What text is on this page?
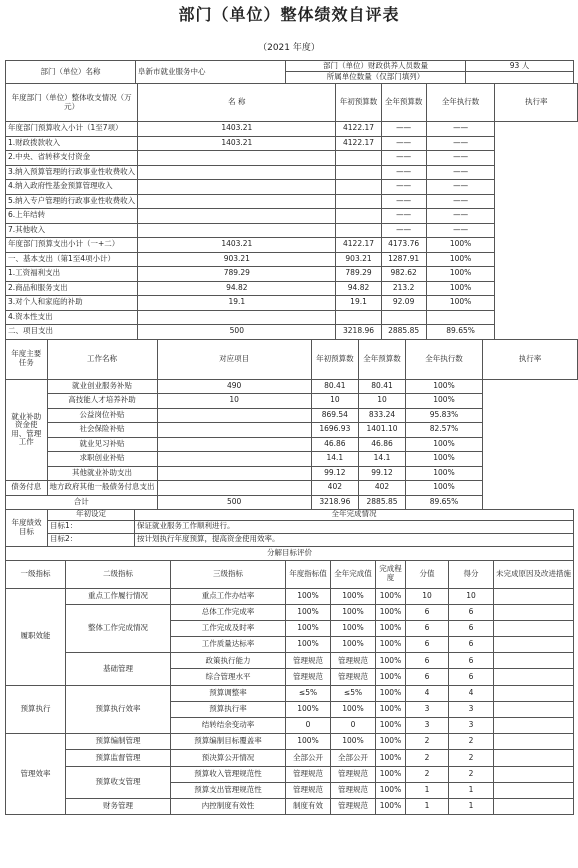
部门（单位）整体绩效自评表
（2021 年度）
部门（单位）名称	阜新市就业服务中心	部门（单位）财政供养人员数量	93 人
		所属单位数量（仅部门填列）	
年度部门（单位）整体收支情况（万元）	名 称	年初预算数	全年预算数	全年执行数	执行率
年度部门预算收入小计（1至7项）	1403.21	4122.17	——	——	
1.财政拨款收入	1403.21	4122.17	——	——	
2.中央、省转移支付资金			——	——	
3.纳入预算管理的行政事业性收费收入			——	——	
4.纳入政府性基金预算管理收入			——	——	
5.纳入专户管理的行政事业性收费收入			——	——	
6.上年结转			——	——	
7.其他收入			——	——	
年度部门预算支出小计（一+二）	1403.21	4122.17	4173.76	100%	
一、基本支出（第1至4项小计）	903.21	903.21	1287.91	100%	
1.工资福利支出	789.29	789.29	982.62	100%	
2.商品和服务支出	94.82	94.82	213.2	100%	
3.对个人和家庭的补助	19.1	19.1	92.09	100%	
4.资本性支出					
二、项目支出	500	3218.96	2885.85	89.65%	
年度主要任务	工作名称	对应项目	年初预算数	全年预算数	全年执行数	执行率
就业补助资金使用、管理工作	就业创业服务补贴	490	80.41	80.41	100%	
	高技能人才培养补助	10	10	10	100%	
	公益岗位补贴		869.54	833.24	95.83%	
	社会保险补贴		1696.93	1401.10	82.57%	
	就业见习补贴		46.86	46.86	100%	
	求职创业补贴		14.1	14.1	100%	
	其他就业补助支出		99.12	99.12	100%	
债务付息	地方政府其他一般债务付息支出		402	402	100%	
合计		500	3218.96	2885.85	89.65%	
年度绩效目标	年初设定	全年完成情况
	目标1：	保证就业服务工作顺利进行。
	目标2：	按计划执行年度预算，提高资金使用效率。
分解目标评价								
一级指标	二级指标	三级指标	年度指标值	全年完成值	完成程度	分值	得分	未完成原因及改进措施
履职效能	重点工作履行情况	重点工作办结率	100%	100%	100%	10	10	
	整体工作完成情况	总体工作完成率	100%	100%	100%	6	6	
		工作完成及时率	100%	100%	100%	6	6	
		工作质量达标率	100%	100%	100%	6	6	
	基础管理	政策执行能力	管理规范	管理规范	100%	6	6	
		综合管理水平	管理规范	管理规范	100%	6	6	
预算执行	预算执行效率	预算调整率	≤5%	≤5%	100%	4	4	
		预算执行率	100%	100%	100%	3	3	
		结转结余变动率	0	0	100%	3	3	
管理效率	预算编制管理	预算编制目标覆盖率	100%	100%	100%	2	2	
	预算监督管理	预决算公开情况	全部公开	全部公开	100%	2	2	
	预算收支管理	预算收入管理规范性	管理规范	管理规范	100%	2	2	
		预算支出管理规范性	管理规范	管理规范	100%	1	1	
	财务管理	内控制度有效性	制度有效	管理规范	100%	1	1	
